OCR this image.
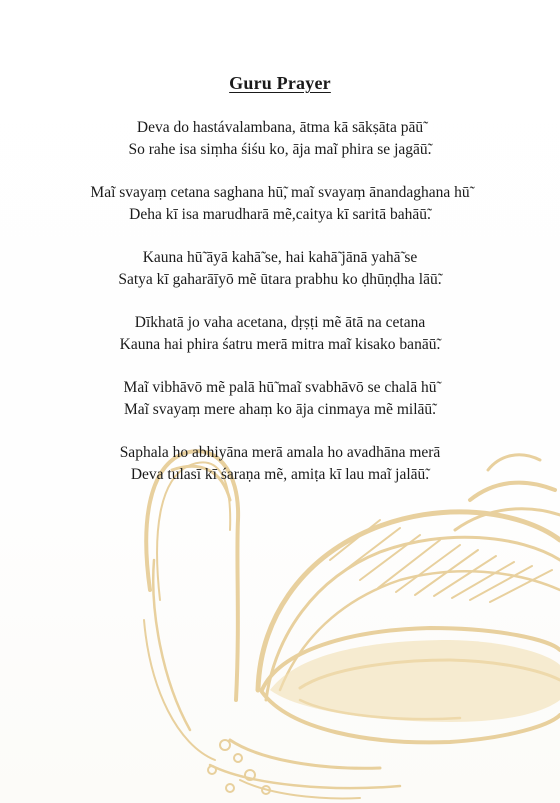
Guru Prayer
Deva do hastávalambana, ātma kā sākṣāta pāū̃
So rahe isa siṃha śiśu ko, āja maĩ phira se jagāū̃.
Maĩ svayaṃ cetana saghana hū̃, maĩ svayaṃ ānandaghana hū̃
Deha kī isa marudharā mẽ,caitya kī saritā bahāū̃.
Kauna hū̃ āyā kahā̃ se, hai kahā̃ jānā yahā̃ se
Satya kī gaharāīyō mẽ ūtara prabhu ko ḍhūṇḍha lāū̃.
Dīkhatā jo vaha acetana, dṛṣṭi mẽ ātā na cetana
Kauna hai phira śatru merā mitra maĩ kisako banāū̃.
Maĩ vibhāvō mẽ palā hū̃ maĩ svabhāvō se chalā hū̃
Maĩ svayaṃ mere ahaṃ ko āja cinmaya mẽ milāū̃.
Saphala ho abhiyāna merā amala ho avadhāna merā
Deva tulasī kī śaraṇa mẽ, amiṭa kī lau maĩ jalāū̃.
